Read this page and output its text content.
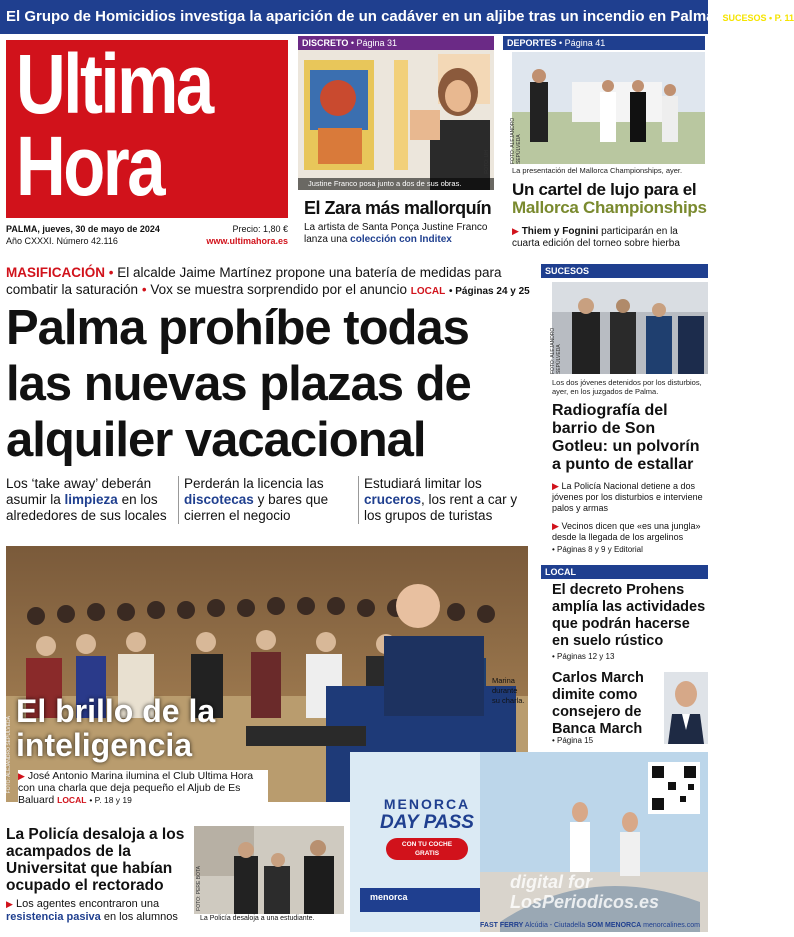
El Grupo de Homicidios investiga la aparición de un cadáver en un aljibe tras un incendio en Palma SUCESOS • P. 11
Ultima
Hora
PALMA, jueves, 30 de mayo de 2024
Año CXXXI. Número 42.116
Precio: 1,80 €
www.ultimahora.es
DISCRETO • Página 31
FOTO: UH
Justine Franco posa junto a dos de sus obras.
El Zara más mallorquín
La artista de Santa Ponça Justine Franco
lanza una colección con Inditex
DEPORTES • Página 41
FOTO: ALEJANDRO SEPÚLVEDA
La presentación del Mallorca Championships, ayer.
Un cartel de lujo para el
Mallorca Championships
▶ Thiem y Fognini participarán en la cuarta edición del torneo sobre hierba
MASIFICACIÓN • El alcalde Jaime Martínez propone una batería de medidas para combatir la saturación • Vox se muestra sorprendido por el anuncio LOCAL • Páginas 24 y 25
Palma prohíbe todas las nuevas plazas de alquiler vacacional
Los ‘take away’ deberán asumir la limpieza en los alrededores de sus locales
Perderán la licencia las discotecas y bares que cierren el negocio
Estudiará limitar los cruceros, los rent a car y los grupos de turistas
FOTO: ALEJANDRO SEPÚLVEDA
El brillo de la inteligencia
Marina durante su charla.
▶ José Antonio Marina ilumina el Club Ultima Hora con una charla que deja pequeño el Aljub de Es Baluard LOCAL • P. 18 y 19
SUCESOS
FOTO: ALEJANDRO SEPÚLVEDA
Los dos jóvenes detenidos por los disturbios, ayer, en los juzgados de Palma.
Radiografía del barrio de Son Gotleu: un polvorín a punto de estallar
▶ La Policía Nacional detiene a dos jóvenes por los disturbios e interviene palos y armas
▶ Vecinos dicen que «es una jungla» desde la llegada de los argelinos
• Páginas 8 y 9 y Editorial
LOCAL
El decreto Prohens amplía las actividades que podrán hacerse en suelo rústico
• Páginas 12 y 13
Carlos March dimite como consejero de Banca March
• Página 15
La Policía desaloja a los acampados de la Universitat que habían ocupado el rectorado
▶ Los agentes encontraron una resistencia pasiva en los alumnos
FOTO: PERE BOTA
La Policía desaloja a una estudiante.
MENORCA
DAY PASS
CON TU COCHE
GRATIS
menorca
FAST FERRY Alcúdia - Ciutadella SOM MENORCA menorcalines.com
digital for
LosPeriodicos.es
